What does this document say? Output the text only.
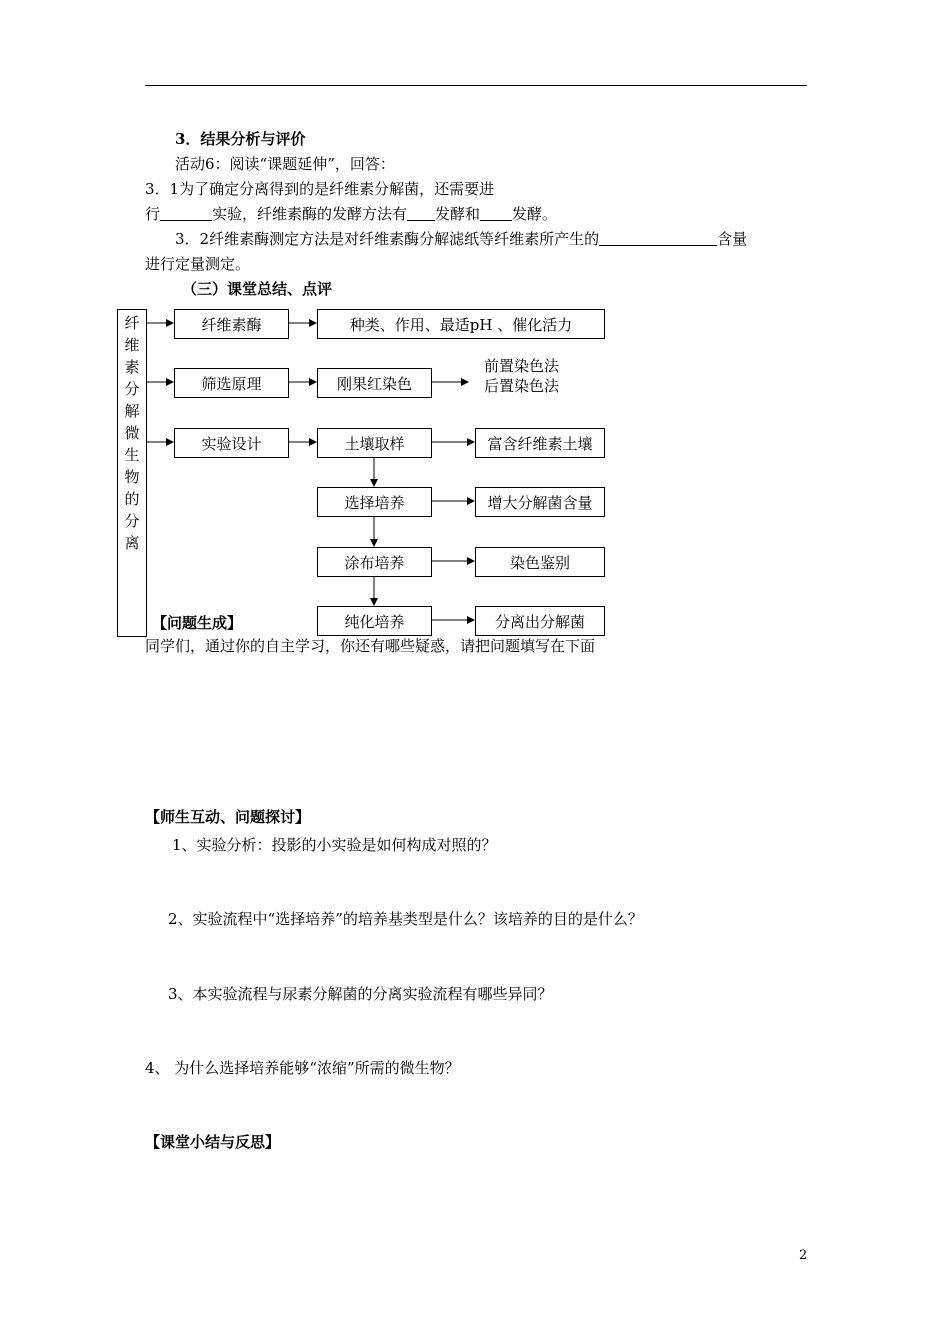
3．结果分析与评价
活动6：阅读“课题延伸”，回答：
3．1为了确定分离得到的是纤维素分解菌，还需要进
行	实验，纤维素酶的发酵方法有 发酵和 发酵。
3．2纤维素酶测定方法是对纤维素酶分解滤纸等纤维素所产生的	含量
进行定量测定。
（三）课堂总结、点评
纤
维
素
分
解
微
生
物
的
分
离
纤维素酶	种类、作用、最适pH 、催化活力
筛选原理	刚果红染色
前置染色法
后置染色法
实验设计	土壤取样	富含纤维素土壤
选择培养	增大分解菌含量
涂布培养	染色鉴别
纯化培养	分离出分解菌
【问题生成】
同学们，通过你的自主学习，你还有哪些疑惑，请把问题填写在下面
【师生互动、问题探讨】
1、实验分析：投影的小实验是如何构成对照的？
2、实验流程中“选择培养”的培养基类型是什么？该培养的目的是什么？
3、本实验流程与尿素分解菌的分离实验流程有哪些异同？
4、 为什么选择培养能够“浓缩”所需的微生物？
【课堂小结与反思】
2
